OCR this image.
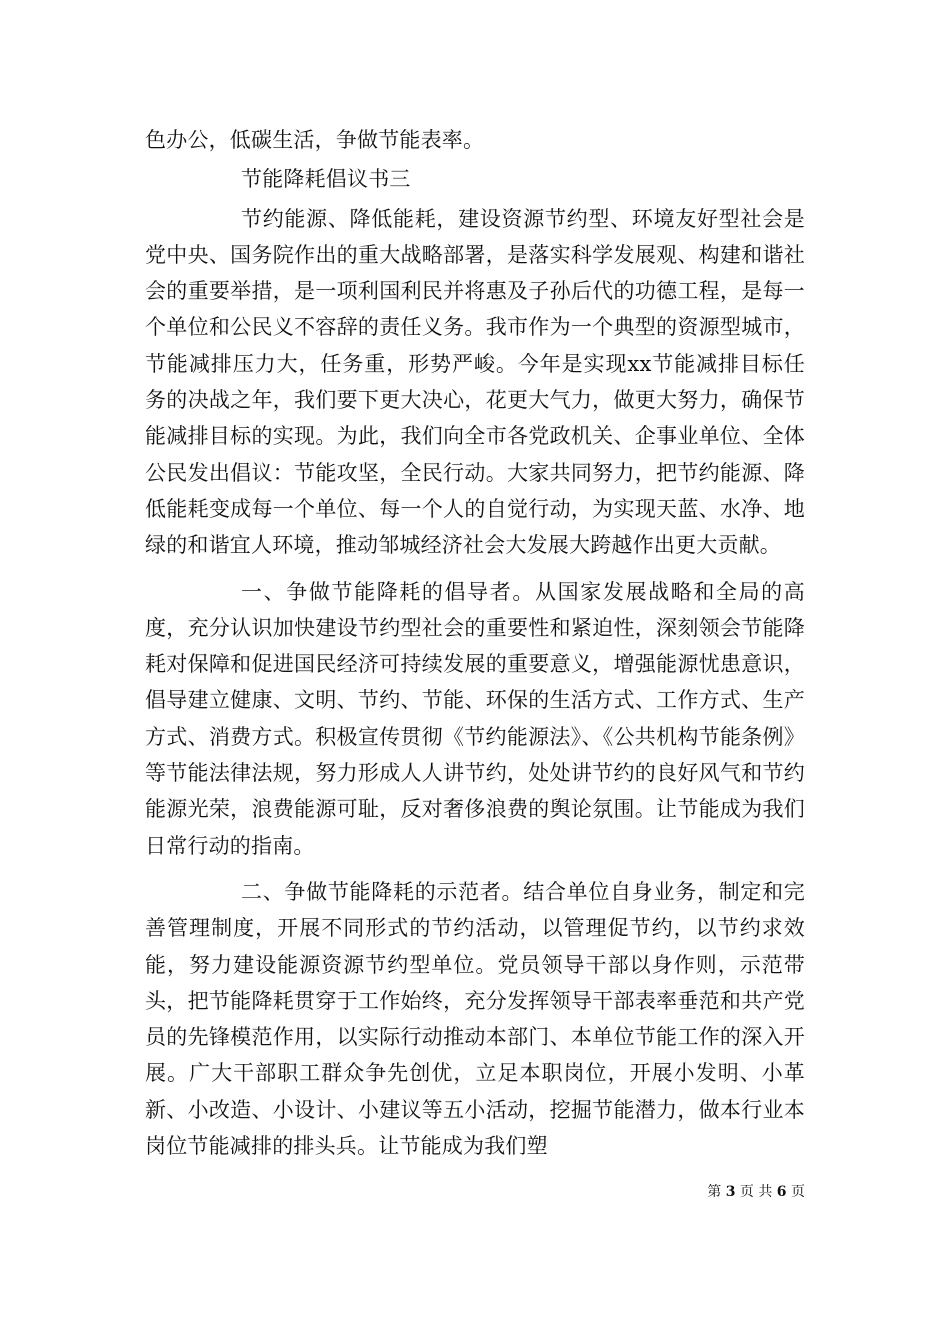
色办公，低碳生活，争做节能表率。

节能降耗倡议书三

节约能源、降低能耗，建设资源节约型、环境友好型社会是党中央、国务院作出的重大战略部署，是落实科学发展观、构建和谐社会的重要举措，是一项利国利民并将惠及子孙后代的功德工程，是每一个单位和公民义不容辞的责任义务。我市作为一个典型的资源型城市，节能减排压力大，任务重，形势严峻。今年是实现xx节能减排目标任务的决战之年，我们要下更大决心，花更大气力，做更大努力，确保节能减排目标的实现。为此，我们向全市各党政机关、企事业单位、全体公民发出倡议：节能攻坚，全民行动。大家共同努力，把节约能源、降低能耗变成每一个单位、每一个人的自觉行动，为实现天蓝、水净、地绿的和谐宜人环境，推动邹城经济社会大发展大跨越作出更大贡献。

一、争做节能降耗的倡导者。从国家发展战略和全局的高度，充分认识加快建设节约型社会的重要性和紧迫性，深刻领会节能降耗对保障和促进国民经济可持续发展的重要意义，增强能源忧患意识，倡导建立健康、文明、节约、节能、环保的生活方式、工作方式、生产方式、消费方式。积极宣传贯彻《节约能源法》、《公共机构节能条例》等节能法律法规，努力形成人人讲节约，处处讲节约的良好风气和节约能源光荣，浪费能源可耻，反对奢侈浪费的舆论氛围。让节能成为我们日常行动的指南。

二、争做节能降耗的示范者。结合单位自身业务，制定和完善管理制度，开展不同形式的节约活动，以管理促节约，以节约求效能，努力建设能源资源节约型单位。党员领导干部以身作则，示范带头，把节能降耗贯穿于工作始终，充分发挥领导干部表率垂范和共产党员的先锋模范作用，以实际行动推动本部门、本单位节能工作的深入开展。广大干部职工群众争先创优，立足本职岗位，开展小发明、小革新、小改造、小设计、小建议等五小活动，挖掘节能潜力，做本行业本岗位节能减排的排头兵。让节能成为我们塑

第 3 页 共 6 页
